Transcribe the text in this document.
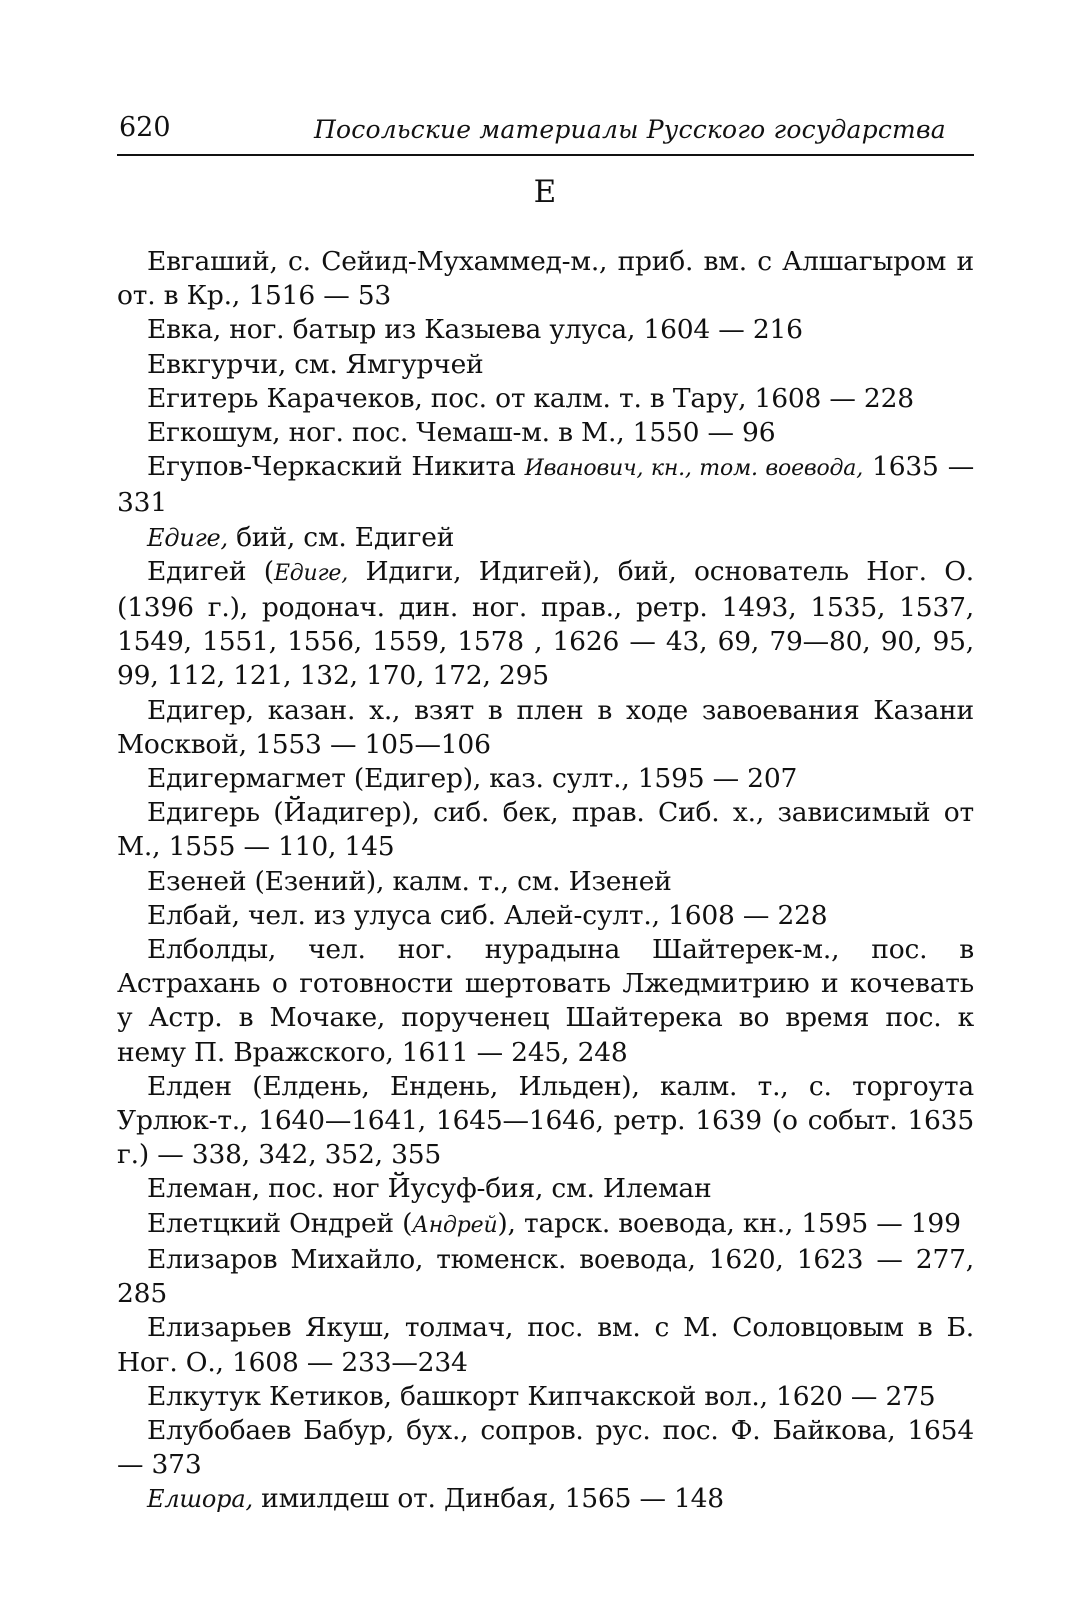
620	Посольские материалы Русского государства
Е
Евгаший, с. Сейид-Мухаммед-м., приб. вм. с Алшагыром и от. в Кр., 1516 — 53
Евка, ног. батыр из Казыева улуса, 1604 — 216
Евкгурчи, см. Ямгурчей
Егитерь Карачеков, пос. от калм. т. в Тару, 1608 — 228
Егкошум, ног. пос. Чемаш-м. в М., 1550 — 96
Егупов-Черкаский Никита Иванович, кн., том. воевода, 1635 — 331
Едиге, бий, см. Едигей
Едигей (Едиге, Идиги, Идигей), бий, основатель Ног. О. (1396 г.), родонач. дин. ног. прав., ретр. 1493, 1535, 1537, 1549, 1551, 1556, 1559, 1578 , 1626 — 43, 69, 79—80, 90, 95, 99, 112, 121, 132, 170, 172, 295
Едигер, казан. х., взят в плен в ходе завоевания Казани Москвой, 1553 — 105—106
Едигермагмет (Едигер), каз. султ., 1595 — 207
Едигерь (Йадигер), сиб. бек, прав. Сиб. х., зависимый от М., 1555 — 110, 145
Езеней (Езений), калм. т., см. Изеней
Елбай, чел. из улуса сиб. Алей-султ., 1608 — 228
Елболды, чел. ног. нурадына Шайтерек-м., пос. в Астрахань о готовности шертовать Лжедмитрию и кочевать у Астр. в Мочаке, порученец Шайтерека во время пос. к нему П. Вражского, 1611 — 245, 248
Елден (Елдень, Ендень, Ильден), калм. т., с. торгоута Урлюк-т., 1640—1641, 1645—1646, ретр. 1639 (о событ. 1635 г.) — 338, 342, 352, 355
Елеман, пос. ног Йусуф-бия, см. Илеман
Елетцкий Ондрей (Андрей), тарск. воевода, кн., 1595 — 199
Елизаров Михайло, тюменск. воевода, 1620, 1623 — 277, 285
Елизарьев Якуш, толмач, пос. вм. с М. Соловцовым в Б. Ног. О., 1608 — 233—234
Елкутук Кетиков, башкорт Кипчакской вол., 1620 — 275
Елубобаев Бабур, бух., сопров. рус. пос. Ф. Байкова, 1654 — 373
Елшора, имилдеш от. Динбая, 1565 — 148
